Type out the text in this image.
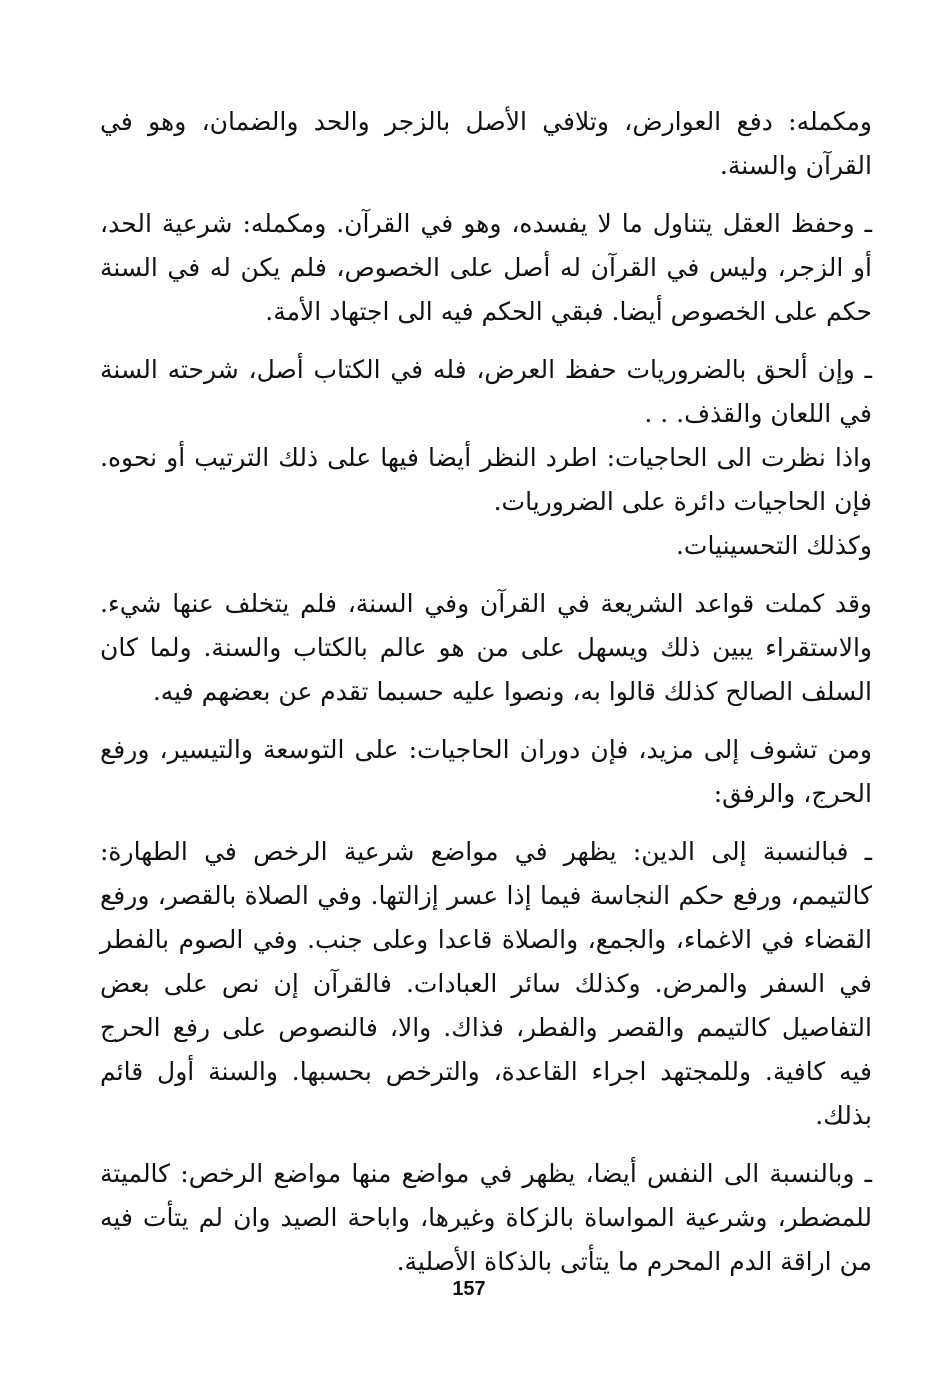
ومكمله: دفع العوارض، وتلافي الأصل بالزجر والحد والضمان، وهو في القرآن والسنة.

ـ وحفظ العقل يتناول ما لا يفسده، وهو في القرآن. ومكمله: شرعية الحد، أو الزجر، وليس في القرآن له أصل على الخصوص، فلم يكن له في السنة حكم على الخصوص أيضا. فبقي الحكم فيه الى اجتهاد الأمة.

ـ وإن ألحق بالضروريات حفظ العرض، فله في الكتاب أصل، شرحته السنة في اللعان والقذف. . .

واذا نظرت الى الحاجيات: اطرد النظر أيضا فيها على ذلك الترتيب أو نحوه. فإن الحاجيات دائرة على الضروريات.

وكذلك التحسينيات.

وقد كملت قواعد الشريعة في القرآن وفي السنة، فلم يتخلف عنها شيء. والاستقراء يبين ذلك ويسهل على من هو عالم بالكتاب والسنة. ولما كان السلف الصالح كذلك قالوا به، ونصوا عليه حسبما تقدم عن بعضهم فيه.

ومن تشوف إلى مزيد، فإن دوران الحاجيات: على التوسعة والتيسير، ورفع الحرج، والرفق:

ـ فبالنسبة إلى الدين: يظهر في مواضع شرعية الرخص في الطهارة: كالتيمم، ورفع حكم النجاسة فيما إذا عسر إزالتها. وفي الصلاة بالقصر، ورفع القضاء في الاغماء، والجمع، والصلاة قاعدا وعلى جنب. وفي الصوم بالفطر في السفر والمرض. وكذلك سائر العبادات. فالقرآن إن نص على بعض التفاصيل كالتيمم والقصر والفطر، فذاك. والا، فالنصوص على رفع الحرج فيه كافية. وللمجتهد اجراء القاعدة، والترخص بحسبها. والسنة أول قائم بذلك.

ـ وبالنسبة الى النفس أيضا، يظهر في مواضع منها مواضع الرخص: كالميتة للمضطر، وشرعية المواساة بالزكاة وغيرها، واباحة الصيد وان لم يتأت فيه من اراقة الدم المحرم ما يتأتى بالذكاة الأصلية.

157
